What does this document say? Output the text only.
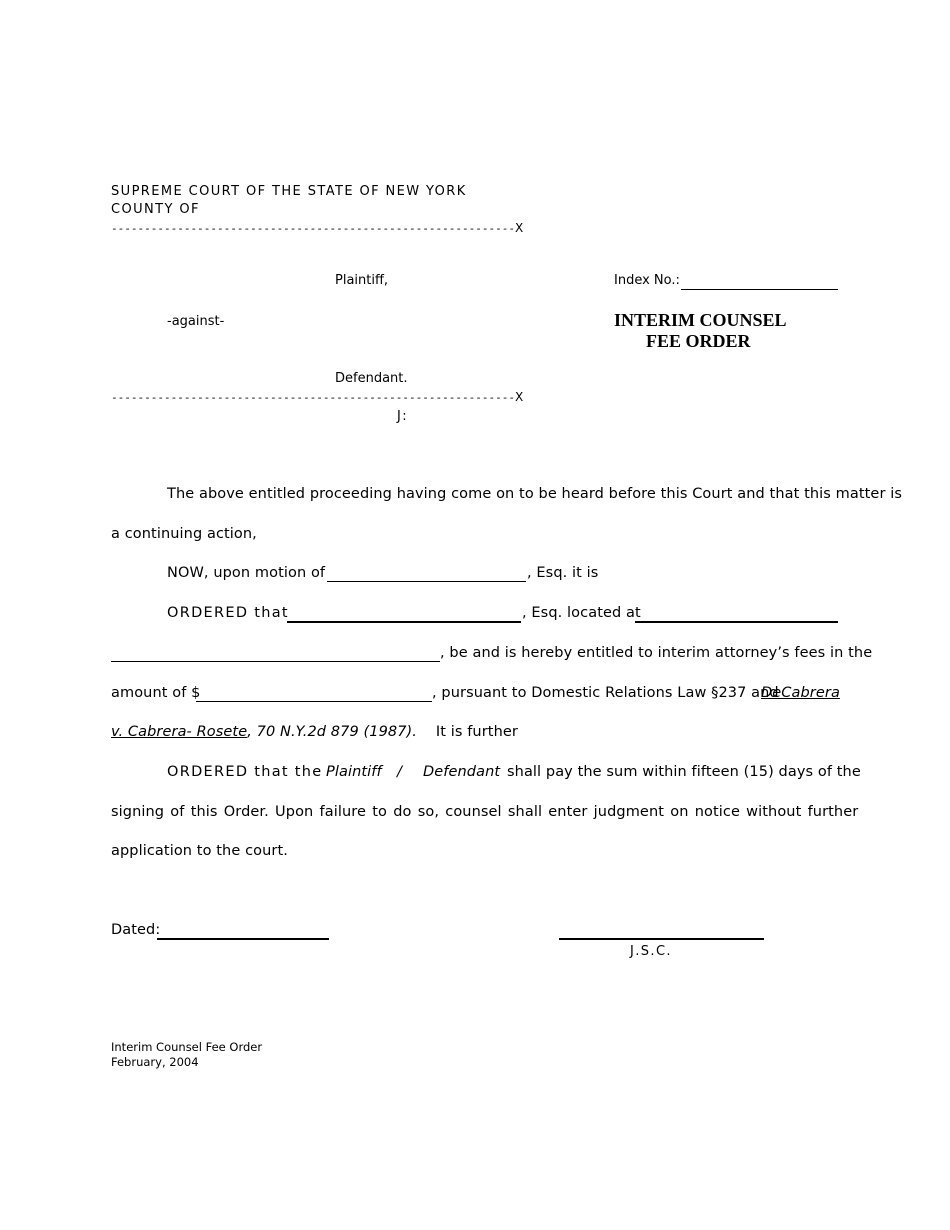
SUPREME COURT OF THE STATE OF NEW YORK
COUNTY OF
-------------------------------------------------------------X
Plaintiff,
-against-
Defendant.
-------------------------------------------------------------X
J:
Index No.:
INTERIM COUNSEL
FEE ORDER
The above entitled proceeding having come on to be heard before this Court and that this matter is
a continuing action,
NOW, upon motion of	, Esq. it is
ORDERED that	, Esq. located at
, be and is hereby entitled to interim attorney’s fees in the
amount of $	, pursuant to Domestic Relations Law §237 and
DeCabrera
v. Cabrera- Rosete, 70 N.Y.2d 879 (1987). It is further
ORDERED that the Plaintiff / Defendant shall pay the sum within fifteen (15) days of the
signing of this Order. Upon failure to do so, counsel shall enter judgment on notice without further
application to the court.
Dated:
J.S.C.
Interim Counsel Fee Order
February, 2004
